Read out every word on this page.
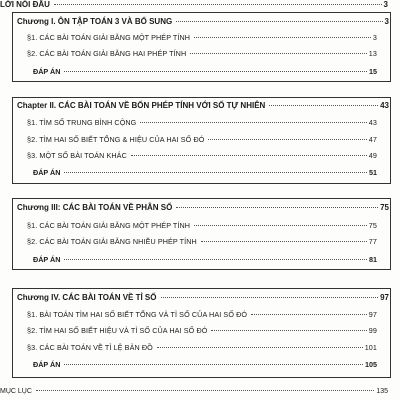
LỜI NÓI ĐẦU	3
Chương I. ÔN TẬP TOÁN 3 VÀ BỔ SUNG	3
§1. CÁC BÀI TOÁN GIẢI BẰNG MỘT PHÉP TÍNH	3
§2. CÁC BÀI TOÁN GIẢI BẰNG HAI PHÉP TÍNH	13
ĐÁP ÁN	15
Chapter II. CÁC BÀI TOÁN VỀ BỐN PHÉP TÍNH VỚI SỐ TỰ NHIÊN	43
§1. TÌM SỐ TRUNG BÌNH CỘNG	43
§2. TÌM HAI SỐ BIẾT TỔNG & HIỆU CỦA HAI SỐ ĐÓ	47
§3. MỘT SỐ BÀI TOÁN KHÁC	49
ĐÁP ÁN	51
Chương III: CÁC BÀI TOÁN VỀ PHÂN SỐ	75
§1. CÁC BÀI TOÁN GIẢI BẰNG MỘT PHÉP TÍNH	75
§2. CÁC BÀI TOÁN GIẢI BẰNG NHIỀU PHÉP TÍNH	77
ĐÁP ÁN	81
Chương IV. CÁC BÀI TOÁN VỀ TỈ SỐ	97
§1. BÀI TOÁN TÌM HAI SỐ BIẾT TỔNG VÀ TỈ SỐ CỦA HAI SỐ ĐÓ	97
§2. TÌM HAI SỐ BIẾT HIỆU VÀ TỈ SỐ CỦA HAI SỐ ĐÓ	99
§3. CÁC BÀI TOÁN VỀ TỈ LỆ BẢN ĐỒ	101
ĐÁP ÁN	105
MỤC LỤC	135
